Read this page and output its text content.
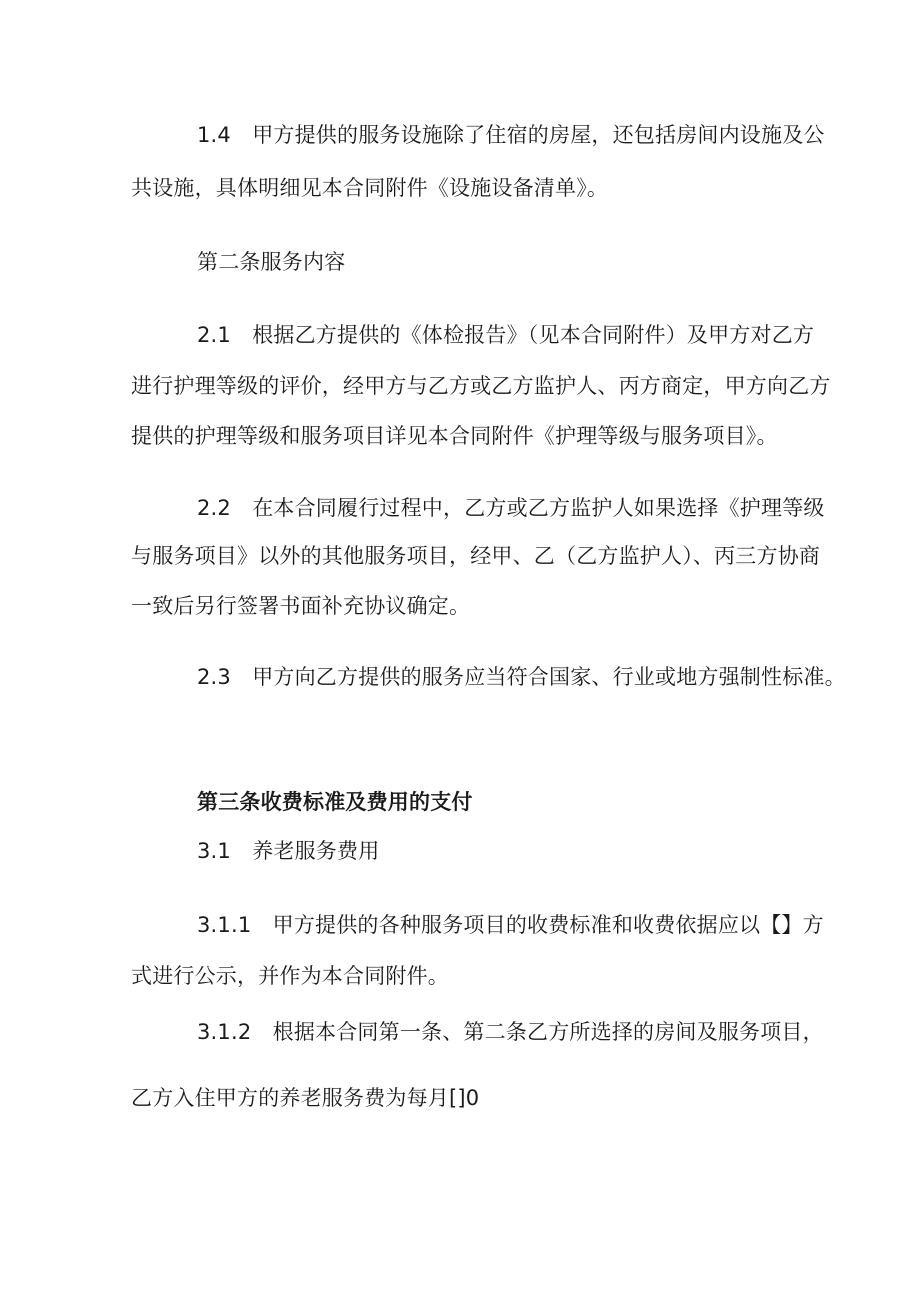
1.4　甲方提供的服务设施除了住宿的房屋，还包括房间内设施及公
共设施，具体明细见本合同附件《设施设备清单》。
第二条服务内容
2.1　根据乙方提供的《体检报告》（见本合同附件）及甲方对乙方
进行护理等级的评价，经甲方与乙方或乙方监护人、丙方商定，甲方向乙方
提供的护理等级和服务项目详见本合同附件《护理等级与服务项目》。
2.2　在本合同履行过程中，乙方或乙方监护人如果选择《护理等级
与服务项目》以外的其他服务项目，经甲、乙（乙方监护人）、丙三方协商
一致后另行签署书面补充协议确定。
2.3　甲方向乙方提供的服务应当符合国家、行业或地方强制性标准。
第三条收费标准及费用的支付
3.1　养老服务费用
3.1.1　甲方提供的各种服务项目的收费标准和收费依据应以【】方
式进行公示，并作为本合同附件。
3.1.2　根据本合同第一条、第二条乙方所选择的房间及服务项目，
乙方入住甲方的养老服务费为每月[]0
